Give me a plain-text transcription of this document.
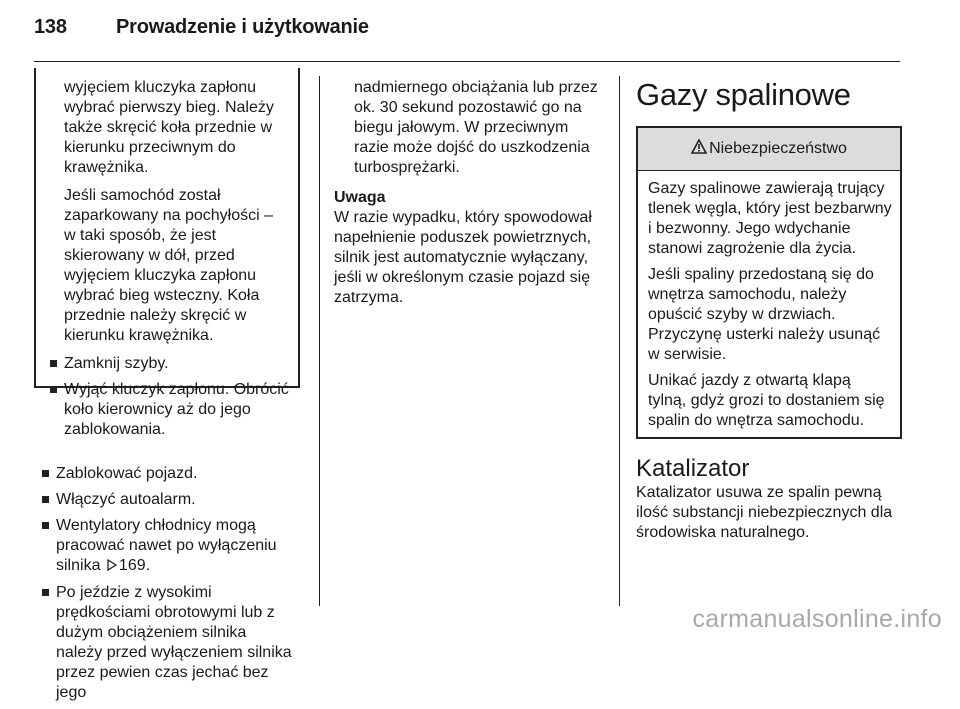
138 Prowadzenie i użytkowanie

wyjęciem kluczyka zapłonu wybrać pierwszy bieg. Należy także skręcić koła przednie w kierunku przeciwnym do krawężnika.

Jeśli samochód został zaparkowany na pochyłości – w taki sposób, że jest skierowany w dół, przed wyjęciem kluczyka zapłonu wybrać bieg wsteczny. Koła przednie należy skręcić w kierunku krawężnika.

Zamknij szyby.
Wyjąć kluczyk zapłonu. Obrócić koło kierownicy aż do jego zablokowania.
Zablokować pojazd.
Włączyć autoalarm.
Wentylatory chłodnicy mogą pracować nawet po wyłączeniu silnika 169.
Po jeździe z wysokimi prędkościami obrotowymi lub z dużym obciążeniem silnika należy przed wyłączeniem silnika przez pewien czas jechać bez jego

nadmiernego obciążania lub przez ok. 30 sekund pozostawić go na biegu jałowym. W przeciwnym razie może dojść do uszkodzenia turbosprężarki.

Uwaga

W razie wypadku, który spowodował napełnienie poduszek powietrznych, silnik jest automatycznie wyłączany, jeśli w określonym czasie pojazd się zatrzyma.

Gazy spalinowe
Niebezpieczeństwo

Gazy spalinowe zawierają trujący tlenek węgla, który jest bezbarwny i bezwonny. Jego wdychanie stanowi zagrożenie dla życia.

Jeśli spaliny przedostaną się do wnętrza samochodu, należy opuścić szyby w drzwiach. Przyczynę usterki należy usunąć w serwisie.

Unikać jazdy z otwartą klapą tylną, gdyż grozi to dostaniem się spalin do wnętrza samochodu.

Katalizator

Katalizator usuwa ze spalin pewną ilość substancji niebezpiecznych dla środowiska naturalnego.

carmanualsonline.info
